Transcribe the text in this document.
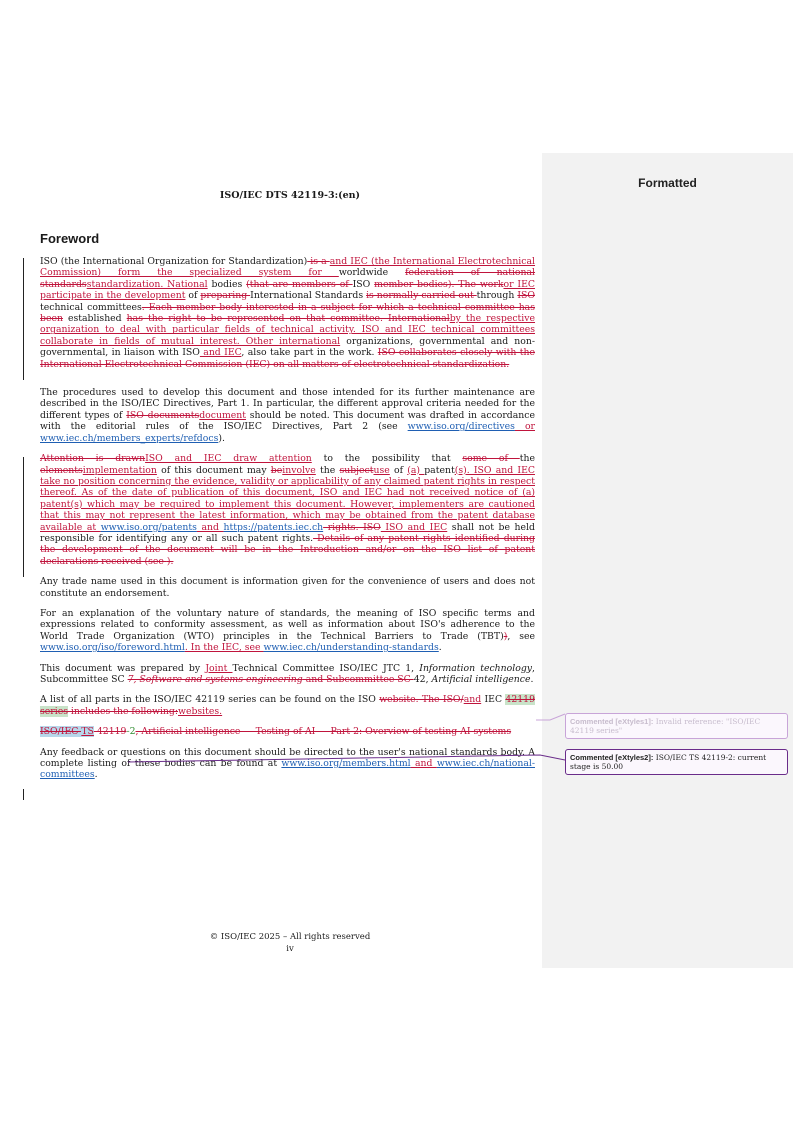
Formatted
ISO/IEC DTS 42119-3:(en)
Foreword

ISO (the International Organization for Standardization) is a and IEC (the International Electrotechnical Commission) form the specialized system for worldwide federation of national standardsstandardization. National bodies (that are members of ISO member bodies). The workor IEC participate in the development of preparing International Standards is normally carried out through ISO technical committees. Each member body interested in a subject for which a technical committee has been established has the right to be represented on that committee. Internationalby the respective organization to deal with particular fields of technical activity. ISO and IEC technical committees collaborate in fields of mutual interest. Other international organizations, governmental and non-governmental, in liaison with ISO and IEC, also take part in the work. ISO collaborates closely with the International Electrotechnical Commission (IEC) on all matters of electrotechnical standardization.

The procedures used to develop this document and those intended for its further maintenance are described in the ISO/IEC Directives, Part 1. In particular, the different approval criteria needed for the different types of ISO documentsdocument should be noted. This document was drafted in accordance with the editorial rules of the ISO/IEC Directives, Part 2 (see www.iso.org/directives or www.iec.ch/members_experts/refdocs).

Attention is drawnISO and IEC draw attention to the possibility that some of the elementsimplementation of this document may beinvolve the subjectuse of (a) patent(s). ISO and IEC take no position concerning the evidence, validity or applicability of any claimed patent rights in respect thereof. As of the date of publication of this document, ISO and IEC had not received notice of (a) patent(s) which may be required to implement this document. However, implementers are cautioned that this may not represent the latest information, which may be obtained from the patent database available at www.iso.org/patents and https://patents.iec.ch rights. ISO ISO and IEC shall not be held responsible for identifying any or all such patent rights. Details of any patent rights identified during the development of the document will be in the Introduction and/or on the ISO list of patent declarations received (see ).

Any trade name used in this document is information given for the convenience of users and does not constitute an endorsement.

For an explanation of the voluntary nature of standards, the meaning of ISO specific terms and expressions related to conformity assessment, as well as information about ISO's adherence to the World Trade Organization (WTO) principles in the Technical Barriers to Trade (TBT)), see www.iso.org/iso/foreword.html. In the IEC, see www.iec.ch/understanding-standards.

This document was prepared by Joint Technical Committee ISO/IEC JTC 1, Information technology, Subcommittee SC 7, Software and systems engineering and Subcommittee SC 42, Artificial intelligence.

A list of all parts in the ISO/IEC 42119 series can be found on the ISO website. The ISO/and IEC 42119 series includes the following:websites.

ISO/IEC TS 42119-2, Artificial intelligence — Testing of AI — Part 2: Overview of testing AI systems

Any feedback or questions on this document should be directed to the user's national standards body. A complete listing of these bodies can be found at www.iso.org/members.html and www.iec.ch/national-committees.

Commented [eXtyles1]: Invalid reference: "ISO/IEC 42119 series"
Commented [eXtyles2]: ISO/IEC TS 42119-2: current stage is 50.00
© ISO/IEC 2025 – All rights reserved
iv
